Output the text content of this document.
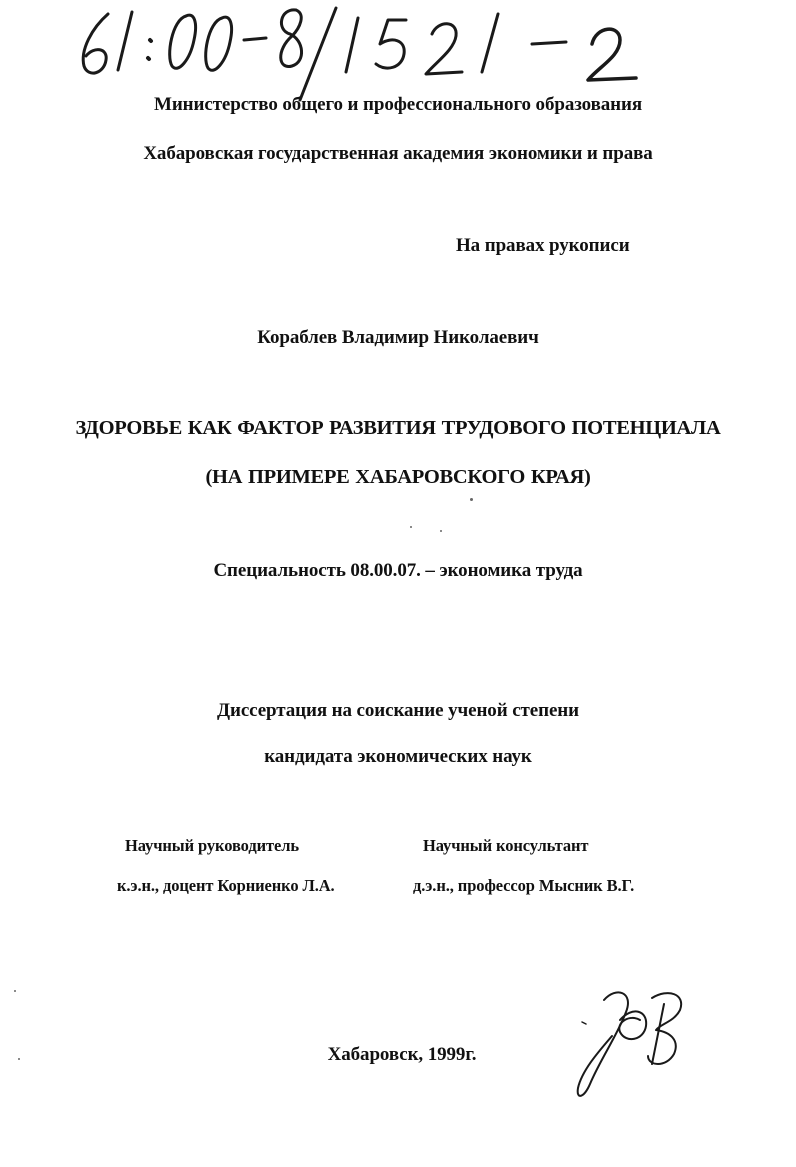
Министерство общего и профессионального образования
Хабаровская государственная академия экономики и права
На правах рукописи
Кораблев Владимир Николаевич
ЗДОРОВЬЕ КАК ФАКТОР РАЗВИТИЯ ТРУДОВОГО ПОТЕНЦИАЛА
(НА ПРИМЕРЕ ХАБАРОВСКОГО КРАЯ)
Специальность 08.00.07. – экономика труда
Диссертация на соискание ученой степени
кандидата экономических наук
Научный руководитель	Научный консультант
к.э.н., доцент Корниенко Л.А.	д.э.н., профессор Мысник В.Г.
Хабаровск, 1999г.
